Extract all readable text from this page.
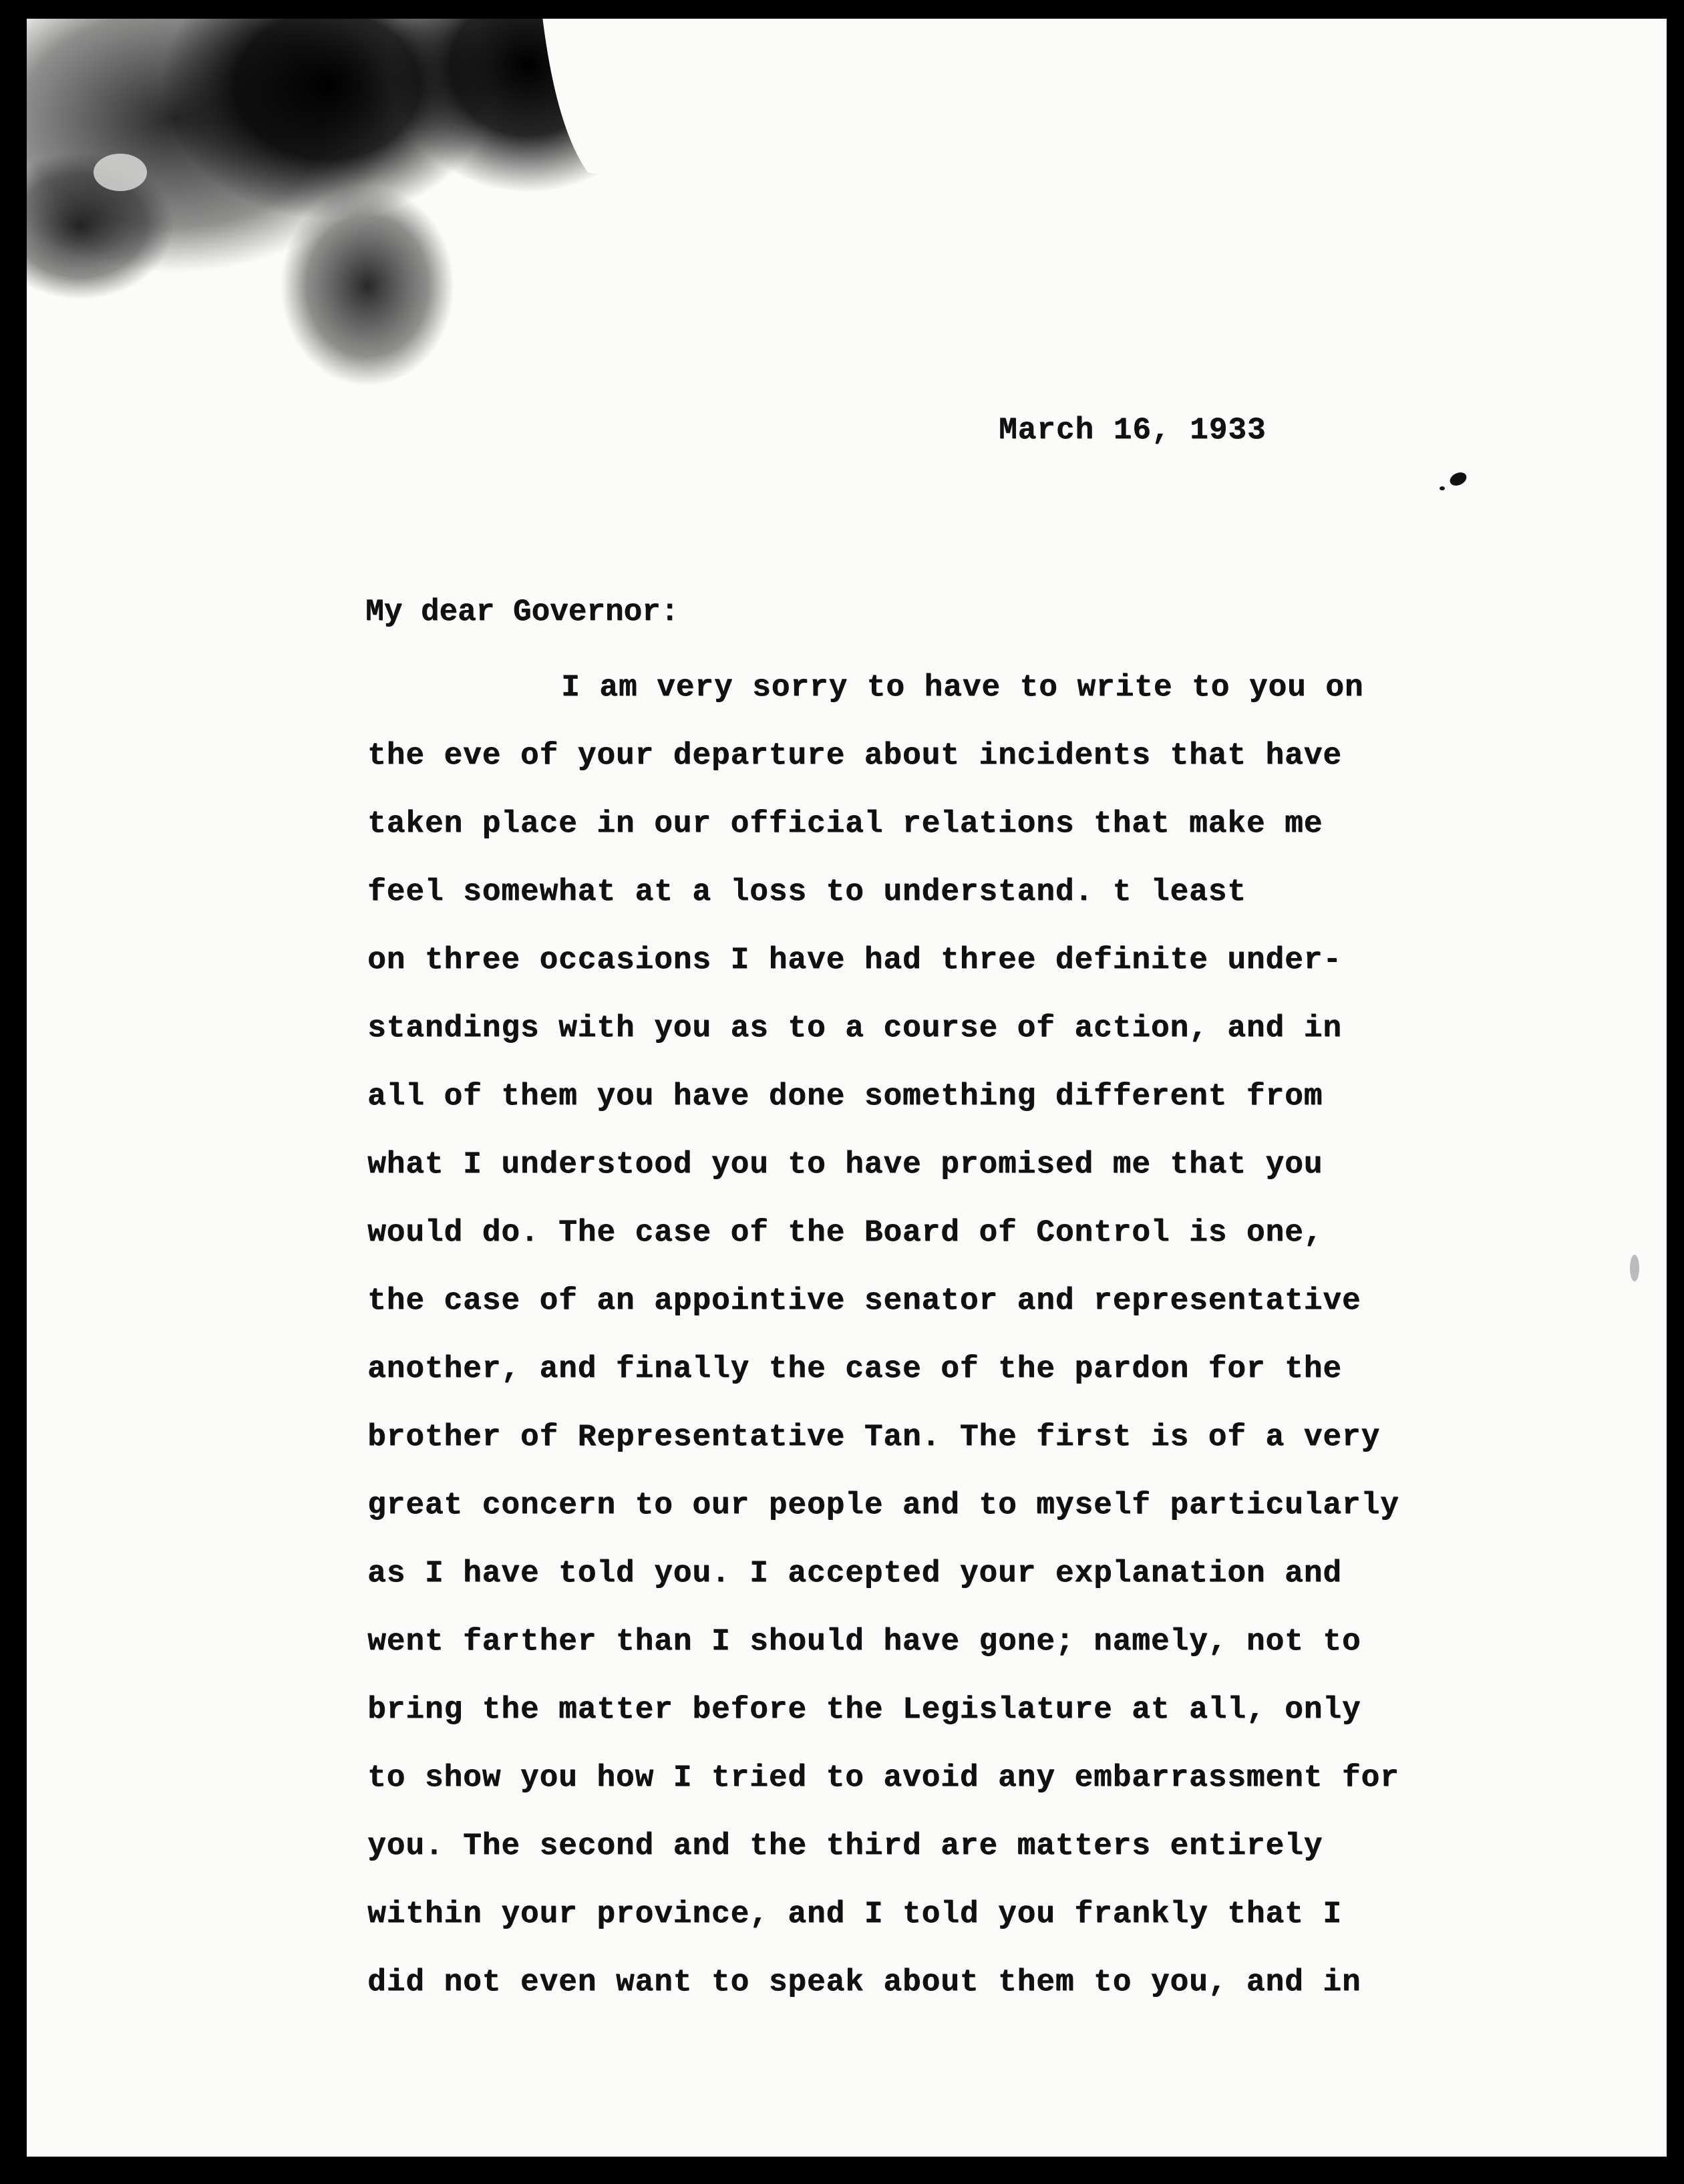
March 16, 1933
My dear Governor:
I am very sorry to have to write to you on
the eve of your departure about incidents that have
taken place in our official relations that make me
feel somewhat at a loss to understand. t least
on three occasions I have had three definite under-
standings with you as to a course of action, and in
all of them you have done something different from
what I understood you to have promised me that you
would do. The case of the Board of Control is one,
the case of an appointive senator and representative
another, and finally the case of the pardon for the
brother of Representative Tan. The first is of a very
great concern to our people and to myself particularly
as I have told you. I accepted your explanation and
went farther than I should have gone; namely, not to
bring the matter before the Legislature at all, only
to show you how I tried to avoid any embarrassment for
you. The second and the third are matters entirely
within your province, and I told you frankly that I
did not even want to speak about them to you, and in
